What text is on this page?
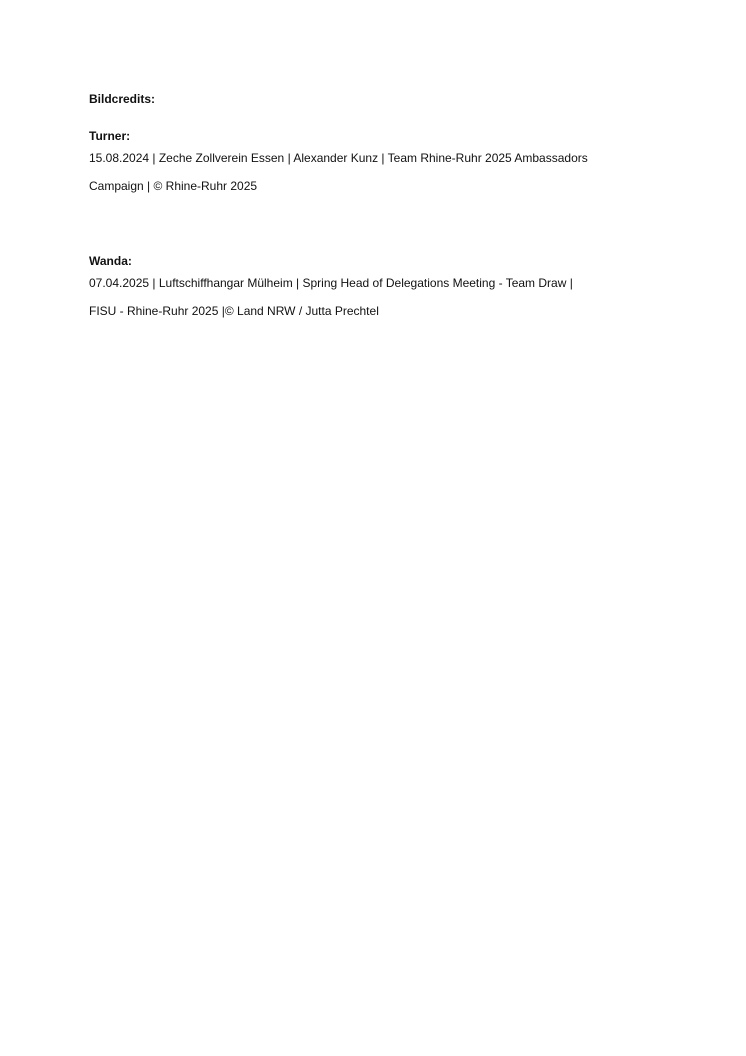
Bildcredits:

Turner:

15.08.2024 | Zeche Zollverein Essen | Alexander Kunz | Team Rhine-Ruhr 2025 Ambassadors
Campaign | © Rhine-Ruhr 2025

Wanda:

07.04.2025 | Luftschiffhangar Mülheim | Spring Head of Delegations Meeting - Team Draw |
FISU - Rhine-Ruhr 2025 |© Land NRW / Jutta Prechtel
